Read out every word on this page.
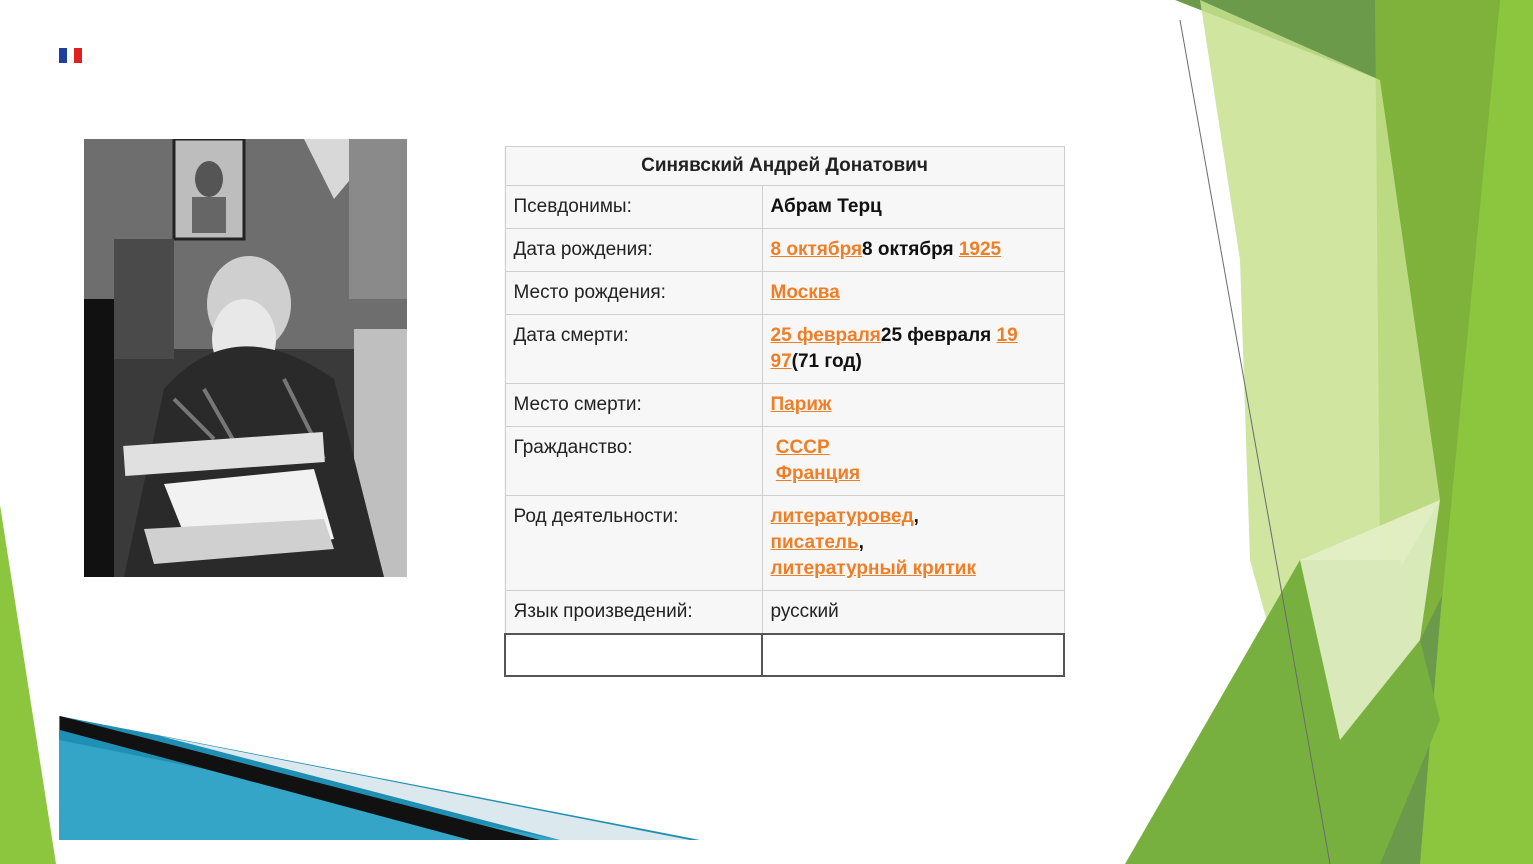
Синявский Андрей Донатович	
Псевдонимы:	Абрам Терц
Дата рождения:	8 октября8 октября 1925
Место рождения:	Москва
Дата смерти:	25 февраля25 февраля 19
97(71 год)
Место смерти:	Париж
Гражданство:	СССР
Франция
Род деятельности:	литературовед,
писатель,
литературный критик
Язык произведений:	русский
